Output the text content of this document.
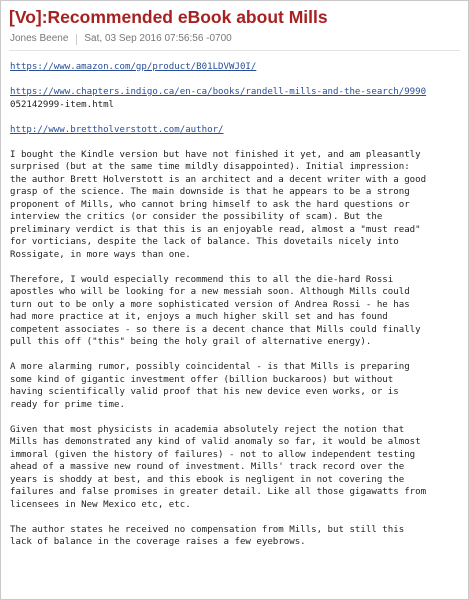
[Vo]:Recommended eBook about Mills
Jones Beene Sat, 03 Sep 2016 07:56:56 -0700
https://www.amazon.com/gp/product/B01LDVWJ0I/
https://www.chapters.indigo.ca/en-ca/books/randell-mills-and-the-search/9990
052142999-item.html
http://www.brettholverstott.com/author/
I bought the Kindle version but have not finished it yet, and am pleasantly
surprised (but at the same time mildly disappointed). Initial impression:
the author Brett Holverstott is an architect and a decent writer with a good
grasp of the science. The main downside is that he appears to be a strong
proponent of Mills, who cannot bring himself to ask the hard questions or
interview the critics (or consider the possibility of scam). But the
preliminary verdict is that this is an enjoyable read, almost a "must read"
for vorticians, despite the lack of balance. This dovetails nicely into
Rossigate, in more ways than one.
Therefore, I would especially recommend this to all the die-hard Rossi
apostles who will be looking for a new messiah soon. Although Mills could
turn out to be only a more sophisticated version of Andrea Rossi - he has
had more practice at it, enjoys a much higher skill set and has found
competent associates - so there is a decent chance that Mills could finally
pull this off ("this" being the holy grail of alternative energy).
A more alarming rumor, possibly coincidental - is that Mills is preparing
some kind of gigantic investment offer (billion buckaroos) but without
having scientifically valid proof that his new device even works, or is
ready for prime time.
Given that most physicists in academia absolutely reject the notion that
Mills has demonstrated any kind of valid anomaly so far, it would be almost
immoral (given the history of failures) - not to allow independent testing
ahead of a massive new round of investment. Mills' track record over the
years is shoddy at best, and this ebook is negligent in not covering the
failures and false promises in greater detail. Like all those gigawatts from
licensees in New Mexico etc, etc.
The author states he received no compensation from Mills, but still this
lack of balance in the coverage raises a few eyebrows.
